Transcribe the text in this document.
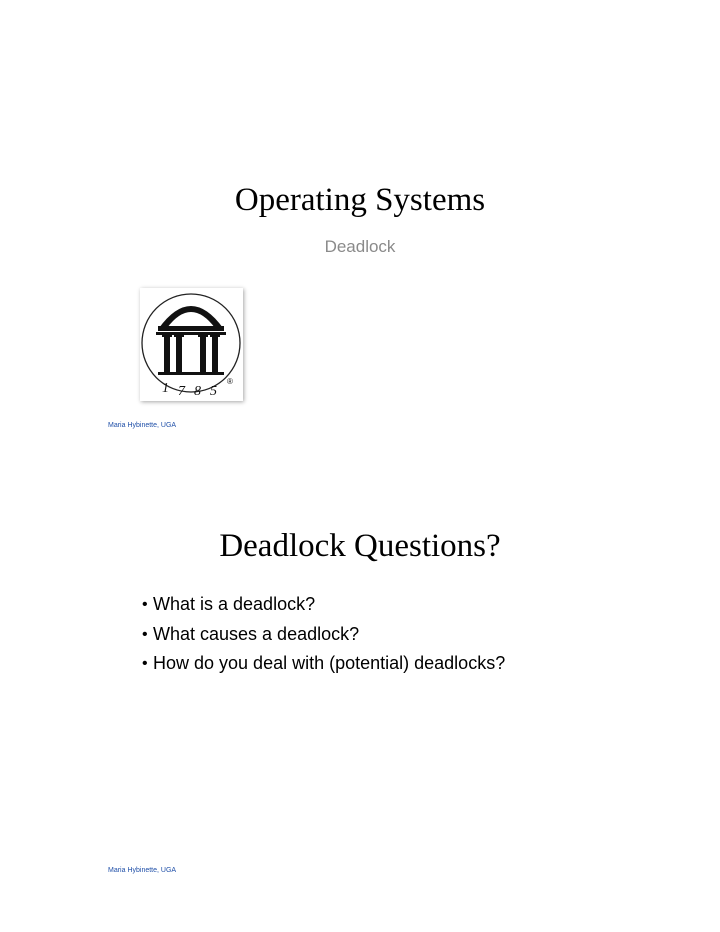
Operating Systems
Deadlock
1 7 8 5
®
Maria Hybinette, UGA
Deadlock Questions?
• What is a deadlock?
• What causes a deadlock?
• How do you deal with (potential) deadlocks?
Maria Hybinette, UGA
